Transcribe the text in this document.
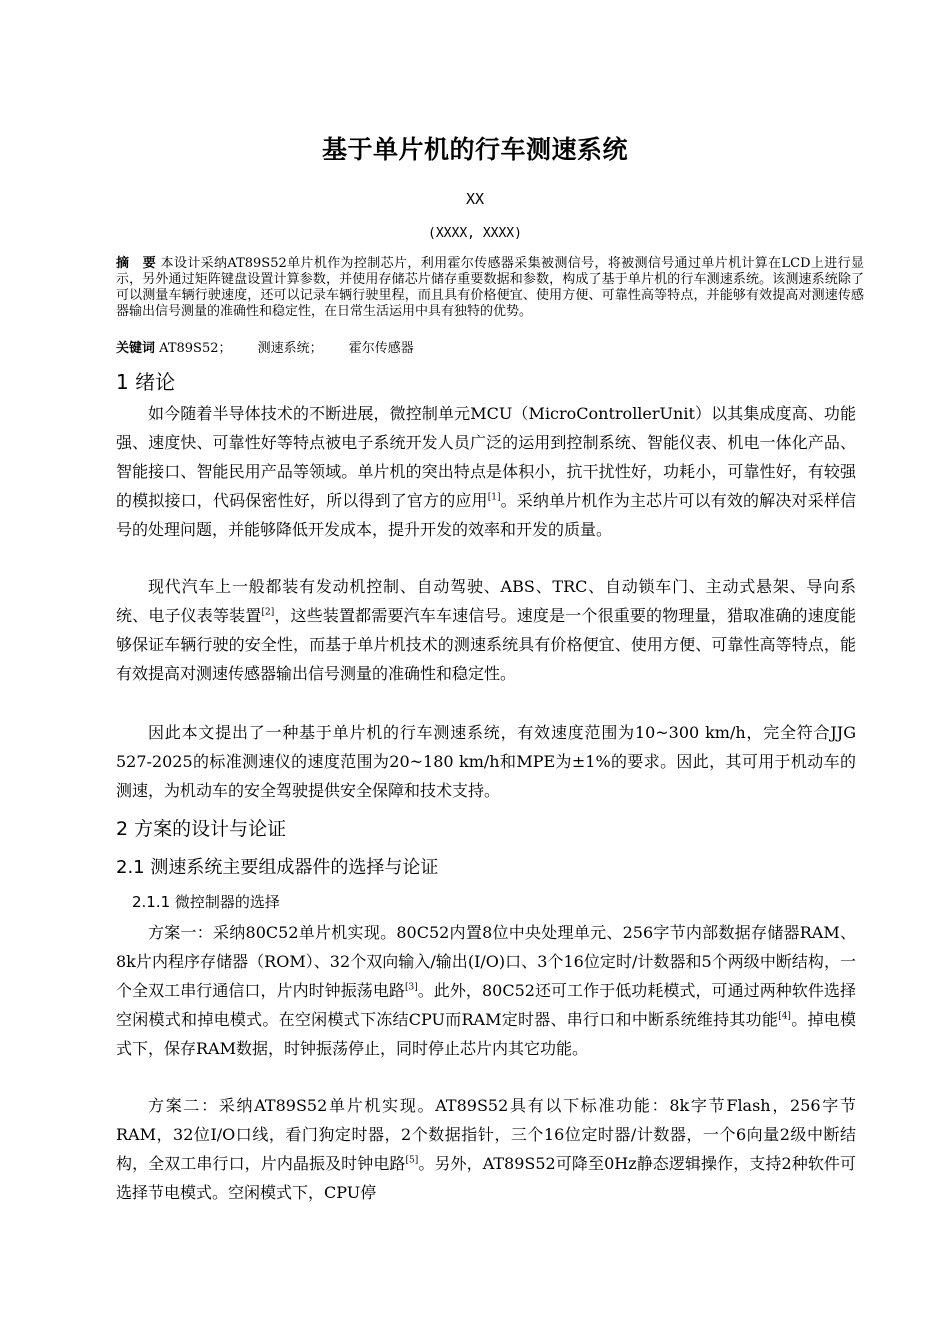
基于单片机的行车测速系统
XX
(XXXX, XXXX)
摘　要 本设计采纳AT89S52单片机作为控制芯片，利用霍尔传感器采集被测信号，将被测信号通过单片机计算在LCD上进行显示，另外通过矩阵键盘设置计算参数，并使用存储芯片储存重要数据和参数，构成了基于单片机的行车测速系统。该测速系统除了可以测量车辆行驶速度，还可以记录车辆行驶里程，而且具有价格便宜、使用方便、可靠性高等特点，并能够有效提高对测速传感器输出信号测量的准确性和稳定性，在日常生活运用中具有独特的优势。
关键词 AT89S52； 测速系统； 霍尔传感器
1 绪论

如今随着半导体技术的不断进展，微控制单元MCU（MicroControllerUnit）以其集成度高、功能强、速度快、可靠性好等特点被电子系统开发人员广泛的运用到控制系统、智能仪表、机电一体化产品、智能接口、智能民用产品等领域。单片机的突出特点是体积小，抗干扰性好，功耗小，可靠性好，有较强的模拟接口，代码保密性好，所以得到了官方的应用[1]。采纳单片机作为主芯片可以有效的解决对采样信号的处理问题，并能够降低开发成本，提升开发的效率和开发的质量。

现代汽车上一般都装有发动机控制、自动驾驶、ABS、TRC、自动锁车门、主动式悬架、导向系统、电子仪表等装置[2]，这些装置都需要汽车车速信号。速度是一个很重要的物理量，猎取准确的速度能够保证车辆行驶的安全性，而基于单片机技术的测速系统具有价格便宜、使用方便、可靠性高等特点，能有效提高对测速传感器输出信号测量的准确性和稳定性。

因此本文提出了一种基于单片机的行车测速系统，有效速度范围为10~300 km/h，完全符合JJG 527-2025的标准测速仪的速度范围为20~180 km/h和MPE为±1%的要求。因此，其可用于机动车的测速，为机动车的安全驾驶提供安全保障和技术支持。

2 方案的设计与论证
2.1 测速系统主要组成器件的选择与论证
2.1.1 微控制器的选择

方案一：采纳80C52单片机实现。80C52内置8位中央处理单元、256字节内部数据存储器RAM、8k片内程序存储器（ROM）、32个双向输入/输出(I/O)口、3个16位定时/计数器和5个两级中断结构，一个全双工串行通信口，片内时钟振荡电路[3]。此外，80C52还可工作于低功耗模式，可通过两种软件选择空闲模式和掉电模式。在空闲模式下冻结CPU而RAM定时器、串行口和中断系统维持其功能[4]。掉电模式下，保存RAM数据，时钟振荡停止，同时停止芯片内其它功能。

方案二：采纳AT89S52单片机实现。AT89S52具有以下标准功能：8k字节Flash，256字节RAM，32位I/O口线，看门狗定时器，2个数据指针，三个16位定时器/计数器，一个6向量2级中断结构，全双工串行口，片内晶振及时钟电路[5]。另外，AT89S52可降至0Hz静态逻辑操作，支持2种软件可选择节电模式。空闲模式下，CPU停
